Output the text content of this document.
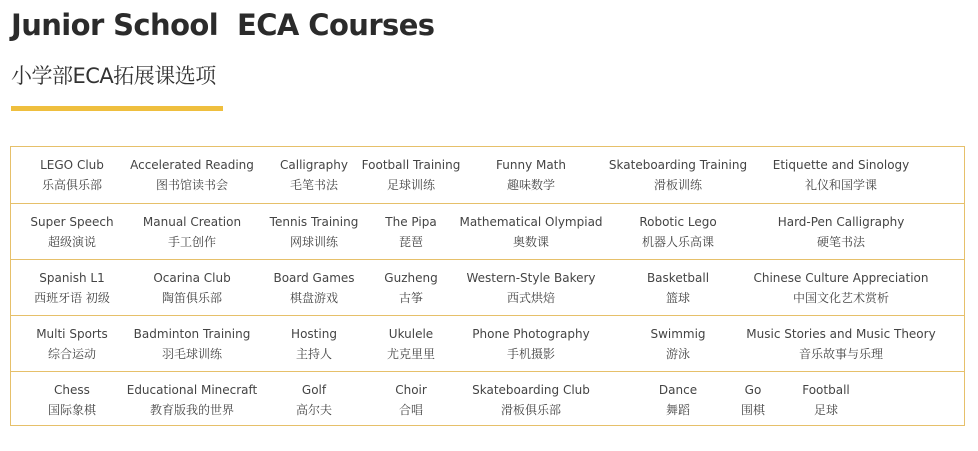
Junior School  ECA Courses
小学部ECA拓展课选项
LEGO Club
乐高俱乐部
Accelerated Reading
图书馆读书会
Calligraphy
毛笔书法
Football Training
足球训练
Funny Math
趣味数学
Skateboarding Training
滑板训练
Etiquette and Sinology
礼仪和国学课
Super Speech
超级演说
Manual Creation
手工创作
Tennis Training
网球训练
The Pipa
琵琶
Mathematical Olympiad
奥数课
Robotic Lego
机器人乐高课
Hard-Pen Calligraphy
硬笔书法
Spanish L1
西班牙语 初级
Ocarina Club
陶笛俱乐部
Board Games
棋盘游戏
Guzheng
古筝
Western-Style Bakery
西式烘焙
Basketball
篮球
Chinese Culture Appreciation
中国文化艺术赏析
Multi Sports
综合运动
Badminton Training
羽毛球训练
Hosting
主持人
Ukulele
尤克里里
Phone Photography
手机摄影
Swimmig
游泳
Music Stories and Music Theory
音乐故事与乐理
Chess
国际象棋
Educational Minecraft
教育版我的世界
Golf
高尔夫
Choir
合唱
Skateboarding Club
滑板俱乐部
Dance
舞蹈
Go
围棋
Football
足球
